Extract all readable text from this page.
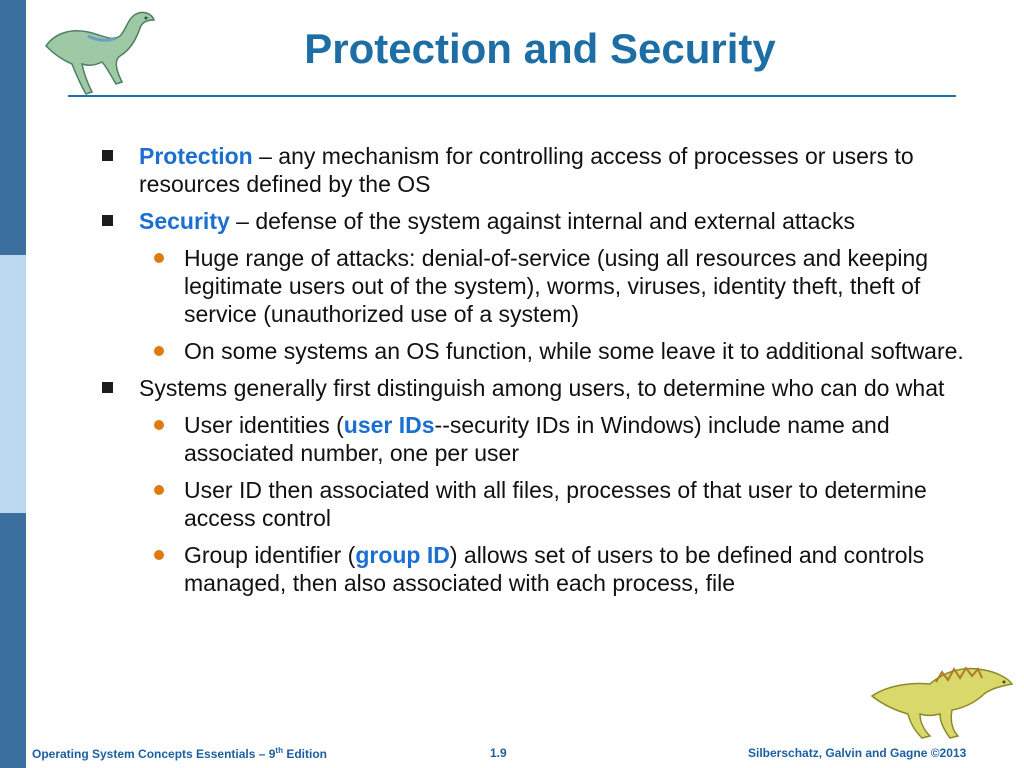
Protection and Security
Protection – any mechanism for controlling access of processes or users to resources defined by the OS
Security – defense of the system against internal and external attacks
Huge range of attacks: denial-of-service (using all resources and keeping legitimate users out of the system), worms, viruses, identity theft, theft of service (unauthorized use of a system)
On some systems an OS function, while some leave it to additional software.
Systems generally first distinguish among users, to determine who can do what
User identities (user IDs--security IDs in Windows) include name and associated number, one per user
User ID then associated with all files, processes of that user to determine access control
Group identifier (group ID) allows set of users to be defined and controls managed, then also associated with each process, file
Operating System Concepts Essentials – 9th Edition	1.9	Silberschatz, Galvin and Gagne ©2013
